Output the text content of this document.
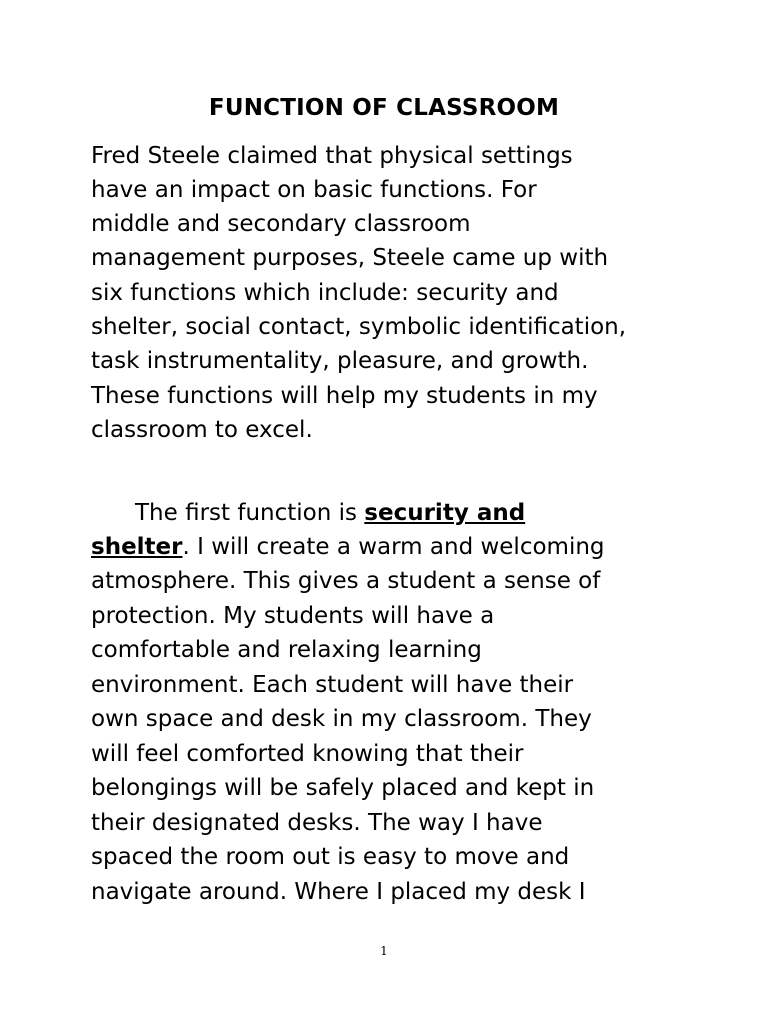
FUNCTION OF CLASSROOM
Fred Steele claimed that physical settings
have an impact on basic functions. For
middle and secondary classroom
management purposes, Steele came up with
six functions which include: security and
shelter, social contact, symbolic identification,
task instrumentality, pleasure, and growth.
These functions will help my students in my
classroom to excel.
The first function is security and
shelter. I will create a warm and welcoming
atmosphere. This gives a student a sense of
protection. My students will have a
comfortable and relaxing learning
environment. Each student will have their
own space and desk in my classroom. They
will feel comforted knowing that their
belongings will be safely placed and kept in
their designated desks. The way I have
spaced the room out is easy to move and
navigate around. Where I placed my desk I
1
